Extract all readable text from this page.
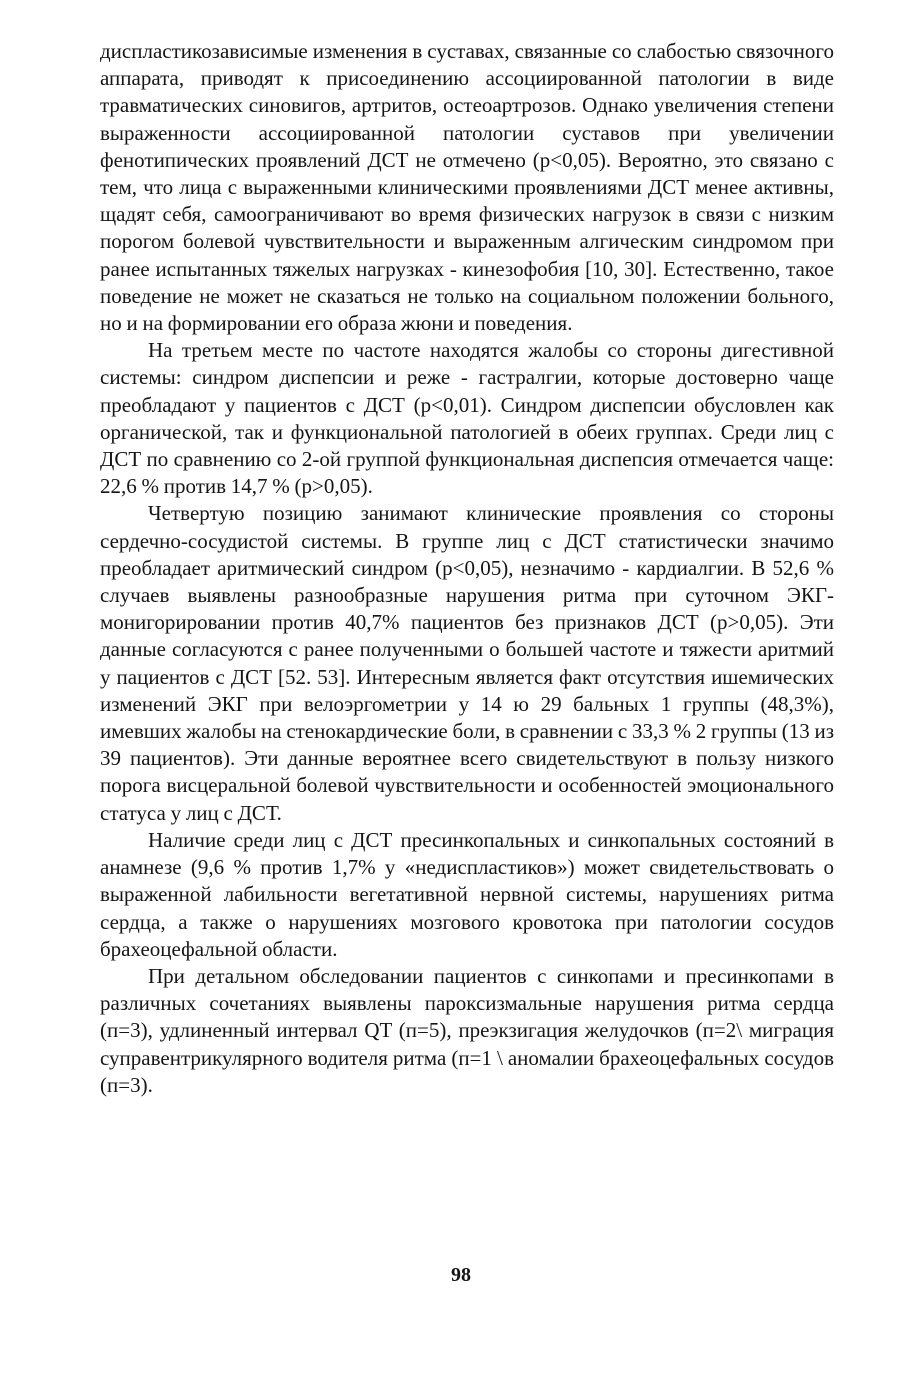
диспластикозависимые изменения в суставах, связанные со слабостью связочного аппарата, приводят к присоединению ассоциированной патологии в виде травматических синовигов, артритов, остеоартрозов. Однако увеличения степени выраженности ассоциированной патологии суставов при увеличении фенотипических проявлений ДСТ не отмечено (р<0,05). Вероятно, это связано с тем, что лица с выраженными клиническими проявлениями ДСТ менее активны, щадят себя, самоограничивают во время физических нагрузок в связи с низким порогом болевой чувствительности и выраженным алгическим синдромом при ранее испытанных тяжелых нагрузках - кинезофобия [10, 30]. Естественно, такое поведение не может не сказаться не только на социальном положении больного, но и на формировании его образа жюни и поведения.

На третьем месте по частоте находятся жалобы со стороны дигестивной системы: синдром диспепсии и реже - гастралгии, которые достоверно чаще преобладают у пациентов с ДСТ (р<0,01). Синдром диспепсии обусловлен как органической, так и функциональной патологией в обеих группах. Среди лиц с ДСТ по сравнению со 2-ой группой функциональная диспепсия отмечается чаще: 22,6 % против 14,7 % (р>0,05).

Четвертую позицию занимают клинические проявления со стороны сердечно-сосудистой системы. В группе лиц с ДСТ статистически значимо преобладает аритмический синдром (р<0,05), незначимо - кардиалгии. В 52,6 % случаев выявлены разнообразные нарушения ритма при суточном ЭКГ-монигорировании против 40,7% пациентов без признаков ДСТ (р>0,05). Эти данные согласуются с ранее полученными о большей частоте и тяжести аритмий у пациентов с ДСТ [52. 53]. Интересным является факт отсутствия ишемических изменений ЭКГ при велоэргометрии у 14 ю 29 бальных 1 группы (48,3%), имевших жалобы на стенокардические боли, в сравнении с 33,3 % 2 группы (13 из 39 пациентов). Эти данные вероятнее всего свидетельствуют в пользу низкого порога висцеральной болевой чувствительности и особенностей эмоционального статуса у лиц с ДСТ.

Наличие среди лиц с ДСТ пресинкопальных и синкопальных состояний в анамнезе (9,6 % против 1,7% у «недиспластиков») может свидетельствовать о выраженной лабильности вегетативной нервной системы, нарушениях ритма сердца, а также о нарушениях мозгового кровотока при патологии сосудов брахеоцефальной области.

При детальном обследовании пациентов с синкопами и пресинкопами в различных сочетаниях выявлены пароксизмальные нарушения ритма сердца (п=3), удлиненный интервал QT (п=5), преэкзигация желудочков (п=2\ миграция суправентрикулярного водителя ритма (п=1 \ аномалии брахеоцефальных сосудов (п=3).

98
